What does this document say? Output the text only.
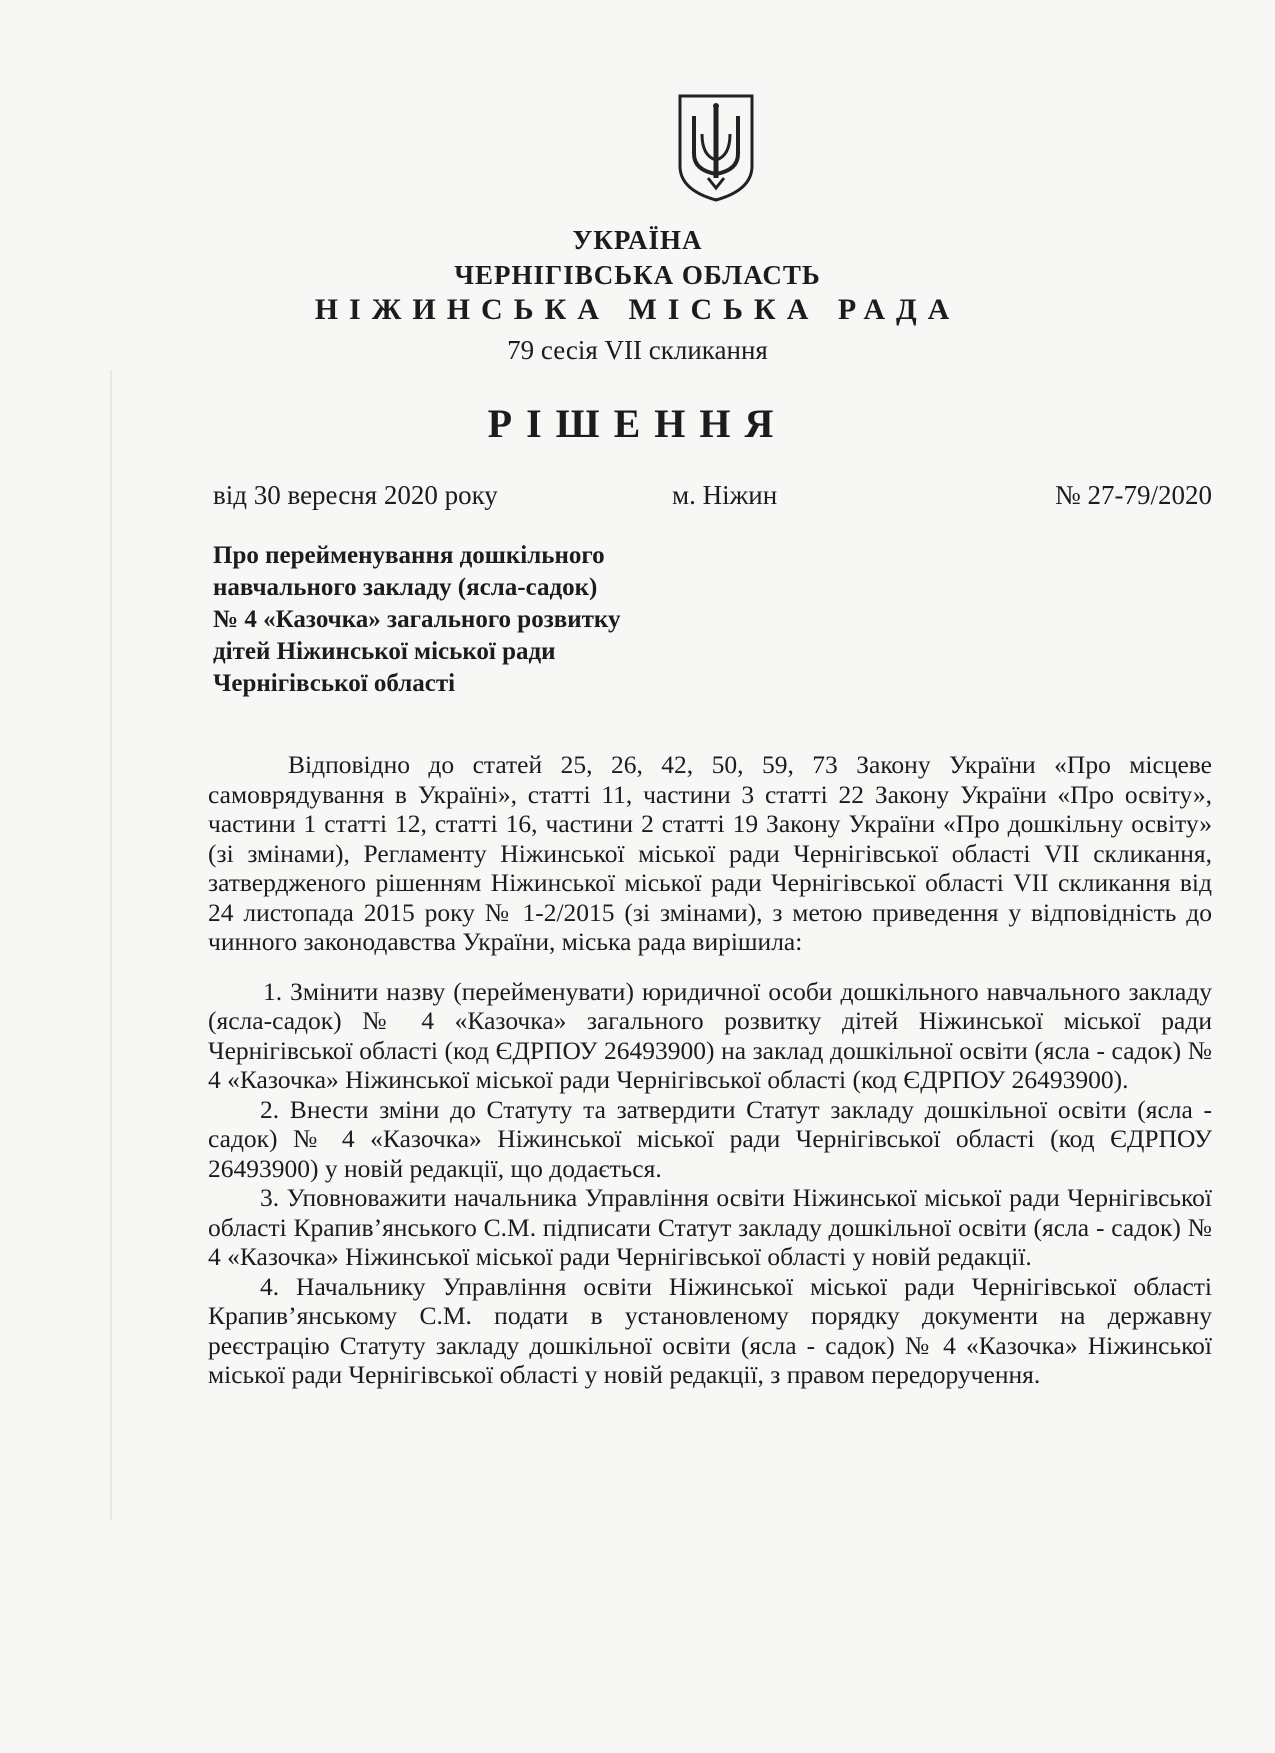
УКРАЇНА
ЧЕРНІГІВСЬКА ОБЛАСТЬ
НІЖИНСЬКА МІСЬКА РАДА
79 сесія VII скликання
РІШЕННЯ
від 30 вересня 2020 року	м. Ніжин	№ 27-79/2020
Про перейменування дошкільного
навчального закладу (ясла-садок)
№ 4 «Казочка» загального розвитку
дітей Ніжинської міської ради
Чернігівської області

Відповідно до статей 25, 26, 42, 50, 59, 73 Закону України «Про місцеве самоврядування в Україні», статті 11, частини 3 статті 22 Закону України «Про освіту», частини 1 статті 12, статті 16, частини 2 статті 19 Закону України «Про дошкільну освіту» (зі змінами), Регламенту Ніжинської міської ради Чернігівської області VII скликання, затвердженого рішенням Ніжинської міської ради Чернігівської області VII скликання від 24 листопада 2015 року № 1-2/2015 (зі змінами), з метою приведення у відповідність до чинного законодавства України, міська рада вирішила:

1. Змінити назву (перейменувати) юридичної особи дошкільного навчального закладу (ясла-садок) № 4 «Казочка» загального розвитку дітей Ніжинської міської ради Чернігівської області (код ЄДРПОУ 26493900) на заклад дошкільної освіти (ясла - садок) № 4 «Казочка» Ніжинської міської ради Чернігівської області (код ЄДРПОУ 26493900).

2. Внести зміни до Статуту та затвердити Статут закладу дошкільної освіти (ясла - садок) № 4 «Казочка» Ніжинської міської ради Чернігівської області (код ЄДРПОУ 26493900) у новій редакції, що додається.

3. Уповноважити начальника Управління освіти Ніжинської міської ради Чернігівської області Крапив’янського С.М. підписати Статут закладу дошкільної освіти (ясла - садок) № 4 «Казочка» Ніжинської міської ради Чернігівської області у новій редакції.

4. Начальнику Управління освіти Ніжинської міської ради Чернігівської області Крапив’янському С.М. подати в установленому порядку документи на державну реєстрацію Статуту закладу дошкільної освіти (ясла - садок) № 4 «Казочка» Ніжинської міської ради Чернігівської області у новій редакції, з правом передоручення.
